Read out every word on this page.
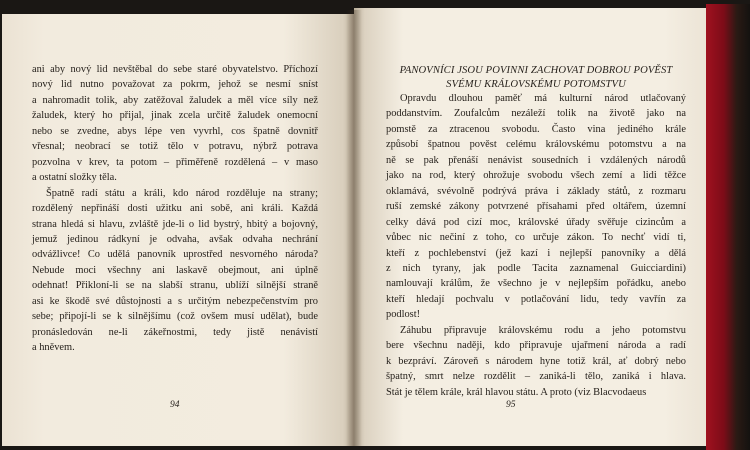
ani aby nový lid nevštěbal do sebe staré obyvatelstvo. Příchozí

nový lid nutno považovat za pokrm, jehož se nesmí sníst

a nahromadit tolik, aby zatěžoval žaludek a měl více síly než

žaludek, který ho přijal, jinak zcela určitě žaludek onemocní

nebo se zvedne, abys lépe ven vyvrhl, cos špatně dovnitř

vřesnal; neobrací se totiž tělo v potravu, nýbrž potrava

pozvolna v krev, ta potom – přiměřeně rozdělená – v maso

a ostatní složky těla.

Špatně radí státu a králi, kdo národ rozděluje na strany;

rozdělený nepřináší dosti užitku ani sobě, ani králi. Každá

strana hledá si hlavu, zvláště jde-li o lid bystrý, hbitý a bojovný,

jemuž jedinou rádkyní je odvaha, avšak odvaha nechrání

odvážlivce! Co udělá panovník uprostřed nesvorného národa?

Nebude moci všechny ani laskavě obejmout, ani úplně

odehnat! Přikloní-li se na slabší stranu, ublíží silnější straně

asi ke škodě své důstojnosti a s určitým nebezpečenstvím pro

sebe; připojí-li se k silnějšímu (což ovšem musí udělat), bude

pronásledován ne-li zákeřnostmi, tedy jistě nenávistí

a hněvem.

94
PANOVNÍCI JSOU POVINNI ZACHOVAT DOBROU POVĚST
SVÉMU KRÁLOVSKÉMU POTOMSTVU

Opravdu dlouhou paměť má kulturní národ utlačovaný

poddanstvím. Zoufalcům nezáleží tolik na životě jako na

pomstě za ztracenou svobodu. Často vina jediného krále

způsobí špatnou pověst celému královskému potomstvu a na

ně se pak přenáší nenávist sousedních i vzdálených národů

jako na rod, který ohrožuje svobodu všech zemí a lidi těžce

oklamává, svévolně podrývá práva i základy států, z rozmaru

ruší zemské zákony potvrzené přísahami před oltářem, územní

celky dává pod cizí moc, královské úřady svěřuje cizincům a

vůbec nic nečiní z toho, co určuje zákon. To nechť vidí ti,

kteří z pochlebenství (jež kazí i nejlepší panovníky a dělá

z nich tyrany, jak podle Tacita zaznamenal Guicciardini)

namlouvají králům, že všechno je v nejlepším pořádku, anebo

kteří hledají pochvalu v potlačování lidu, tedy vavřín za

podlost!

Záhubu připravuje královskému rodu a jeho potomstvu

bere všechnu naději, kdo připravuje ujařmení národa a radí

k bezpráví. Zároveň s národem hyne totiž král, ať dobrý nebo

špatný, smrt nelze rozdělit – zaniká-li tělo, zaniká i hlava.

Stát je tělem krále, král hlavou státu. A proto (viz Blacvodaeus

95
